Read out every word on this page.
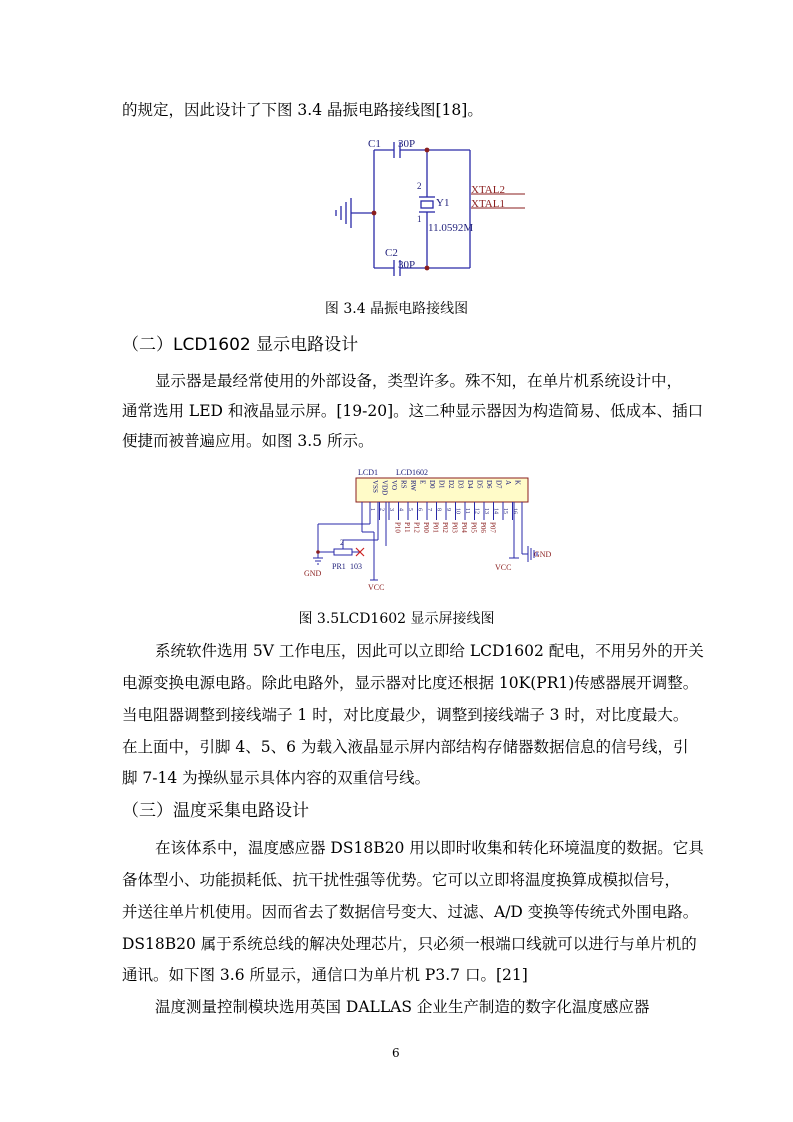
的规定，因此设计了下图 3.4 晶振电路接线图[18]。
C1 30P
C2
30P
Y1
11.0592M
2
1
XTAL2
XTAL1
图 3.4 晶振电路接线图
（二）LCD1602 显示电路设计
显示器是最经常使用的外部设备，类型许多。殊不知，在单片机系统设计中，
通常选用 LED 和液晶显示屏。[19-20]。这二种显示器因为构造简易、低成本、插口
便捷而被普遍应用。如图 3.5 所示。
LCD1 LCD1602
VSS
1
VDD
2
VO
3
RS
4
RW
5
E
6
D0
7
D1
8
D2
9
D3
10
D4
11
D5
12
D6
13
D7
14
A
15
K
16
P10 P11 P12 P00 P01 P02 P03 P04 P05 P06 P07
2
PR1 103
GND
VCC
VCC
GND
图 3.5LCD1602 显示屏接线图
系统软件选用 5V 工作电压，因此可以立即给 LCD1602 配电，不用另外的开关
电源变换电源电路。除此电路外，显示器对比度还根据 10K(PR1)传感器展开调整。
当电阻器调整到接线端子 1 时，对比度最少，调整到接线端子 3 时，对比度最大。
在上面中，引脚 4、5、6 为载入液晶显示屏内部结构存储器数据信息的信号线，引
脚 7-14 为操纵显示具体内容的双重信号线。
（三）温度采集电路设计
在该体系中，温度感应器 DS18B20 用以即时收集和转化环境温度的数据。它具
备体型小、功能损耗低、抗干扰性强等优势。它可以立即将温度换算成模拟信号，
并送往单片机使用。因而省去了数据信号变大、过滤、A/D 变换等传统式外围电路。
DS18B20 属于系统总线的解决处理芯片，只必须一根端口线就可以进行与单片机的
通讯。如下图 3.6 所显示，通信口为单片机 P3.7 口。[21]
温度测量控制模块选用英国 DALLAS 企业生产制造的数字化温度感应器
6
